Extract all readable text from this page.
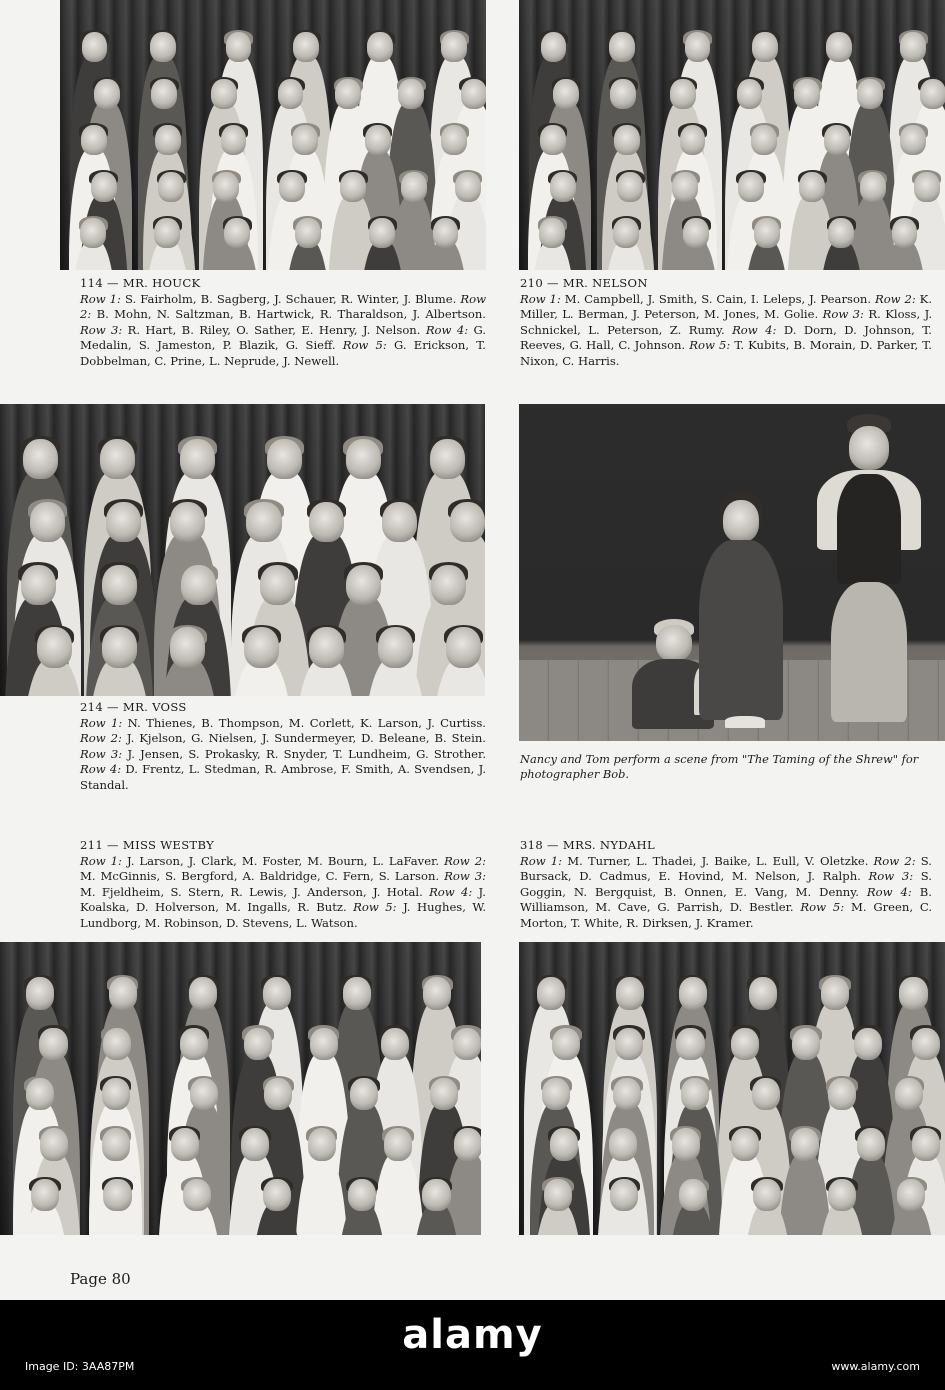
114 — MR. HOUCK
Row 1: S. Fairholm, B. Sagberg, J. Schauer, R. Winter, J. Blume. Row 2: B. Mohn, N. Saltzman, B. Hartwick, R. Tharaldson, J. Albertson. Row 3: R. Hart, B. Riley, O. Sather, E. Henry, J. Nelson. Row 4: G. Medalin, S. Jameston, P. Blazik, G. Sieff. Row 5: G. Erickson, T. Dobbelman, C. Prine, L. Neprude, J. Newell.
210 — MR. NELSON
Row 1: M. Campbell, J. Smith, S. Cain, I. Leleps, J. Pearson. Row 2: K. Miller, L. Berman, J. Peterson, M. Jones, M. Golie. Row 3: R. Kloss, J. Schnickel, L. Peterson, Z. Rumy. Row 4: D. Dorn, D. Johnson, T. Reeves, G. Hall, C. Johnson. Row 5: T. Kubits, B. Morain, D. Parker, T. Nixon, C. Harris.
214 — MR. VOSS
Row 1: N. Thienes, B. Thompson, M. Corlett, K. Larson, J. Curtiss. Row 2: J. Kjelson, G. Nielsen, J. Sundermeyer, D. Beleane, B. Stein. Row 3: J. Jensen, S. Prokasky, R. Snyder, T. Lundheim, G. Strother. Row 4: D. Frentz, L. Stedman, R. Ambrose, F. Smith, A. Svendsen, J. Standal.
Nancy and Tom perform a scene from "The Taming of the Shrew" for photographer Bob.
211 — MISS WESTBY
Row 1: J. Larson, J. Clark, M. Foster, M. Bourn, L. LaFaver. Row 2: M. McGinnis, S. Bergford, A. Baldridge, C. Fern, S. Larson. Row 3: M. Fjeldheim, S. Stern, R. Lewis, J. Anderson, J. Hotal. Row 4: J. Koalska, D. Holverson, M. Ingalls, R. Butz. Row 5: J. Hughes, W. Lundborg, M. Robinson, D. Stevens, L. Watson.
318 — MRS. NYDAHL
Row 1: M. Turner, L. Thadei, J. Baike, L. Eull, V. Oletzke. Row 2: S. Bursack, D. Cadmus, E. Hovind, M. Nelson, J. Ralph. Row 3: S. Goggin, N. Bergquist, B. Onnen, E. Vang, M. Denny. Row 4: B. Williamson, M. Cave, G. Parrish, D. Bestler. Row 5: M. Green, C. Morton, T. White, R. Dirksen, J. Kramer.
Page 80
alamy
Image ID: 3AA87PM	www.alamy.com
